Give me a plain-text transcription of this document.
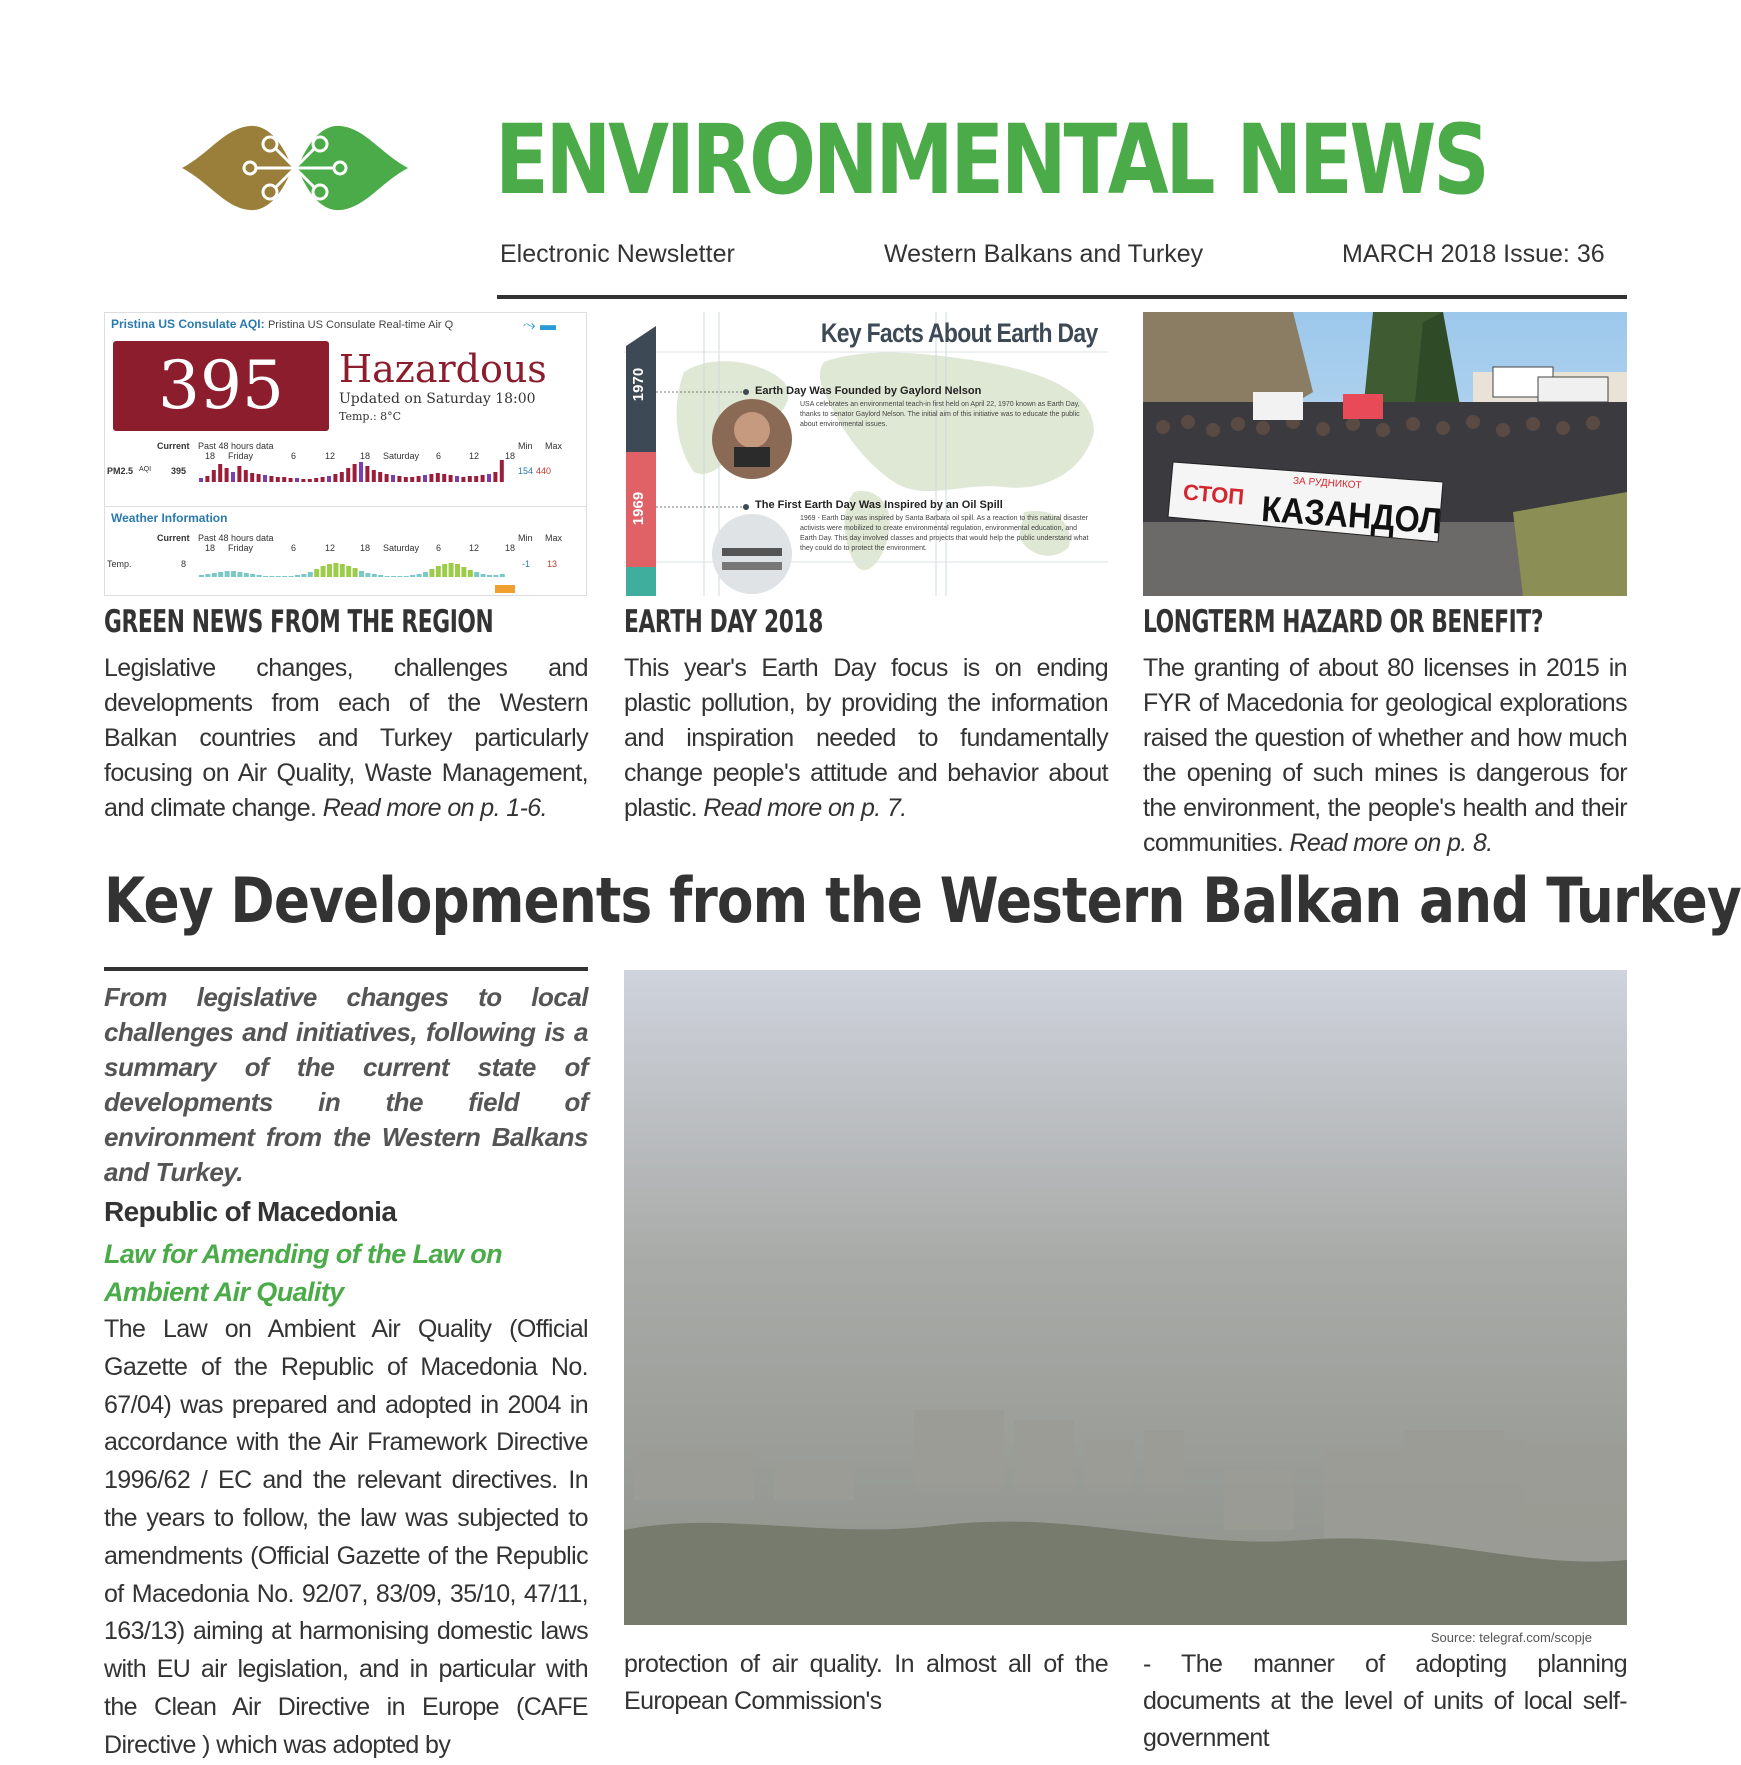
ENVIRONMENTAL NEWS
Electronic Newsletter	Western Balkans and Turkey	MARCH 2018 Issue: 36
Pristina US Consulate AQI: Pristina US Consulate Real-time Air Q	⤳ ▬
395	Hazardous
Updated on Saturday 18:00
Temp.: 8°C
Current Past 48 hours data	Min Max
18 Friday	6	12	18 Saturday 6	12	18
PM2.5 AQI 395	154 440
Weather Information
Current Past 48 hours data	Min Max
18 Friday	6	12	18 Saturday 6	12	18
Temp.	8	-1 13
1970
1969
Key Facts About Earth Day
Earth Day Was Founded by Gaylord Nelson
USA celebrates an environmental teach-in first held on April 22, 1970 known as Earth Day, thanks to senator Gaylord Nelson. The initial aim of this initiative was to educate the public about environmental issues.
The First Earth Day Was Inspired by an Oil Spill
1969 - Earth Day was inspired by Santa Barbara oil spill. As a reaction to this natural disaster activists were mobilized to create environmental regulation, environmental education, and Earth Day. This day involved classes and projects that would help the public understand what they could do to protect the environment.
СТОП	ЗА РУДНИКОТ
КАЗАНДОЛ
GREEN NEWS FROM THE REGION
Legislative changes, challenges and developments from each of the Western Balkan countries and Turkey particularly focusing on Air Quality, Waste Management, and climate change. Read more on p. 1-6.
EARTH DAY 2018
This year's Earth Day focus is on ending plastic pollution, by providing the information and inspiration needed to fundamentally change people's attitude and behavior about plastic. Read more on p. 7.
LONGTERM HAZARD OR BENEFIT?
The granting of about 80 licenses in 2015 in FYR of Macedonia for geological explorations raised the question of whether and how much the opening of such mines is dangerous for the environment, the people's health and their communities. Read more on p. 8.
Key Developments from the Western Balkan and Turkey
From legislative changes to local challenges and initiatives, following is a summary of the current state of developments in the field of environment from the Western Balkans and Turkey.
Republic of Macedonia
Law for Amending of the Law on Ambient Air Quality
The Law on Ambient Air Quality (Official Gazette of the Republic of Macedonia No. 67/04) was prepared and adopted in 2004 in accordance with the Air Framework Directive 1996/62 / EC and the relevant directives. In the years to follow, the law was subjected to amendments (Official Gazette of the Republic of Macedonia No. 92/07, 83/09, 35/10, 47/11, 163/13) aiming at harmonising domestic laws with EU air legislation, and in particular with the Clean Air Directive in Europe (CAFE Directive ) which was adopted by
Source: telegraf.com/scopje
protection of air quality. In almost all of the European Commission's
- The manner of adopting planning documents at the level of units of local self-government
